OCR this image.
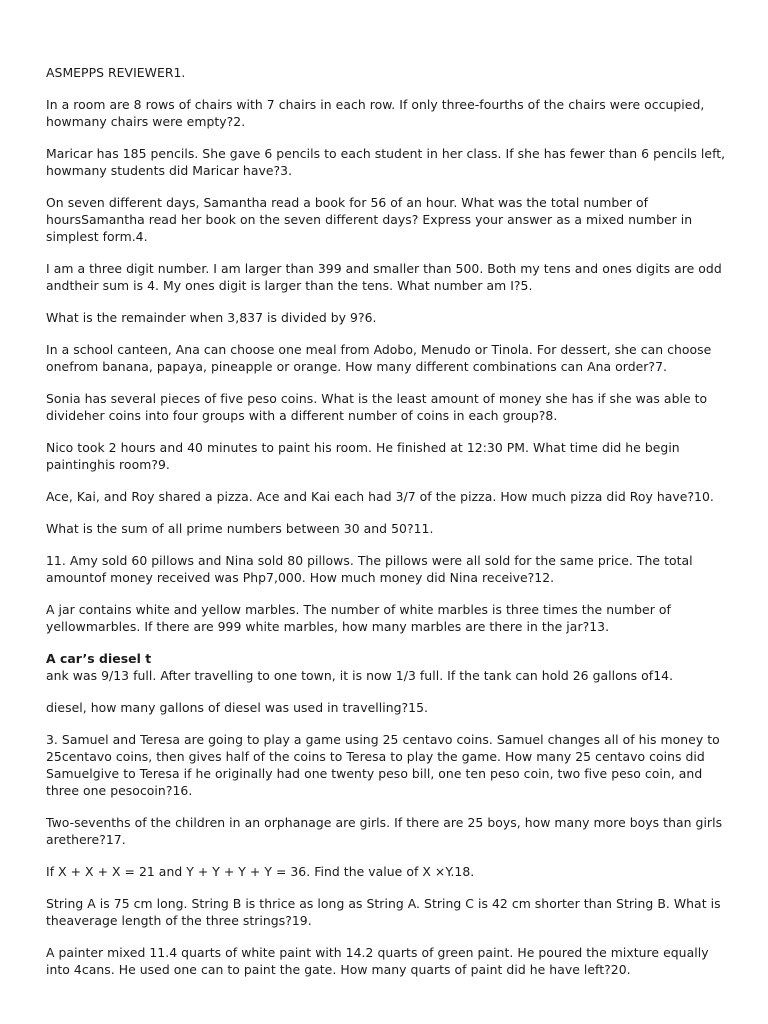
ASMEPPS REVIEWER1.

In a room are 8 rows of chairs with 7 chairs in each row. If only three-fourths of the chairs were occupied, howmany chairs were empty?2.

Maricar has 185 pencils. She gave 6 pencils to each student in her class. If she has fewer than 6 pencils left, howmany students did Maricar have?3.

On seven different days, Samantha read a book for 56 of an hour. What was the total number of hoursSamantha read her book on the seven different days? Express your answer as a mixed number in simplest form.4.

I am a three digit number. I am larger than 399 and smaller than 500. Both my tens and ones digits are odd andtheir sum is 4. My ones digit is larger than the tens. What number am I?5.

What is the remainder when 3,837 is divided by 9?6.

In a school canteen, Ana can choose one meal from Adobo, Menudo or Tinola. For dessert, she can choose onefrom banana, papaya, pineapple or orange. How many different combinations can Ana order?7.

Sonia has several pieces of five peso coins. What is the least amount of money she has if she was able to divideher coins into four groups with a different number of coins in each group?8.

Nico took 2 hours and 40 minutes to paint his room. He finished at 12:30 PM. What time did he begin paintinghis room?9.

Ace, Kai, and Roy shared a pizza. Ace and Kai each had 3/7 of the pizza. How much pizza did Roy have?10.

What is the sum of all prime numbers between 30 and 50?11.

11. Amy sold 60 pillows and Nina sold 80 pillows. The pillows were all sold for the same price. The total amountof money received was Php7,000. How much money did Nina receive?12.

A jar contains white and yellow marbles. The number of white marbles is three times the number of yellowmarbles. If there are 999 white marbles, how many marbles are there in the jar?13.

A car’s diesel t

ank was 9/13 full. After travelling to one town, it is now 1/3 full. If the tank can hold 26 gallons of14.

diesel, how many gallons of diesel was used in travelling?15.

3. Samuel and Teresa are going to play a game using 25 centavo coins. Samuel changes all of his money to 25centavo coins, then gives half of the coins to Teresa to play the game. How many 25 centavo coins did Samuelgive to Teresa if he originally had one twenty peso bill, one ten peso coin, two five peso coin, and three one pesocoin?16.

Two-sevenths of the children in an orphanage are girls. If there are 25 boys, how many more boys than girls arethere?17.

If X + X + X = 21 and Y + Y + Y + Y = 36. Find the value of X ×Y.18.

String A is 75 cm long. String B is thrice as long as String A. String C is 42 cm shorter than String B. What is theaverage length of the three strings?19.

A painter mixed 11.4 quarts of white paint with 14.2 quarts of green paint. He poured the mixture equally into 4cans. He used one can to paint the gate. How many quarts of paint did he have left?20.
